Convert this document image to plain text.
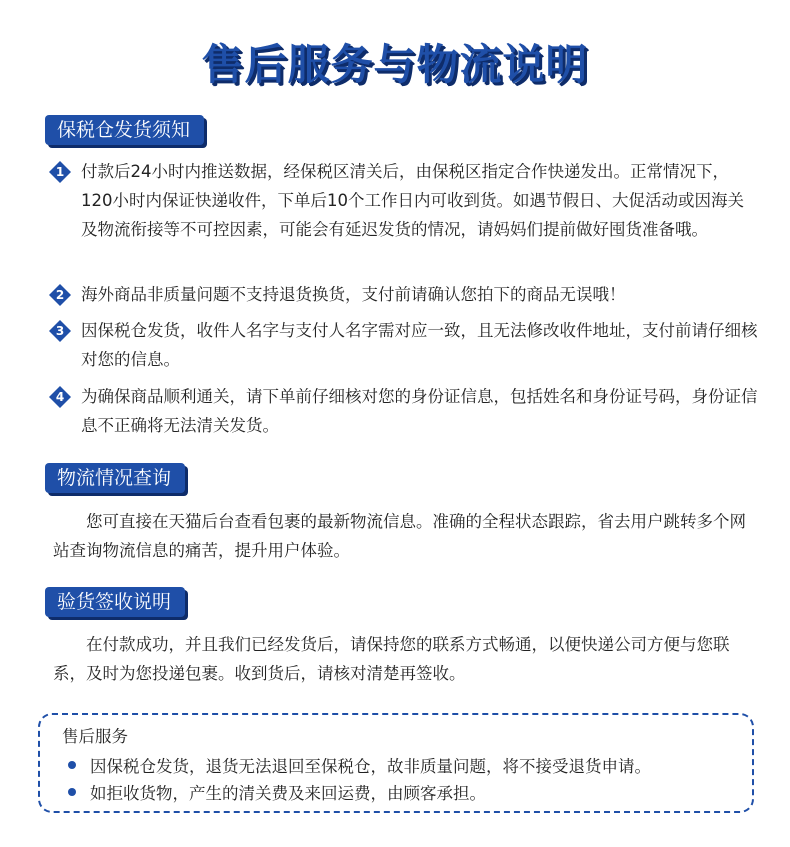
售后服务与物流说明
保税仓发货须知
1	付款后24小时内推送数据，经保税区清关后，由保税区指定合作快递发出。正常情况下，120小时内保证快递收件，下单后10个工作日内可收到货。如遇节假日、大促活动或因海关及物流衔接等不可控因素，可能会有延迟发货的情况，请妈妈们提前做好囤货准备哦。
2	海外商品非质量问题不支持退货换货，支付前请确认您拍下的商品无误哦！
3	因保税仓发货，收件人名字与支付人名字需对应一致，且无法修改收件地址，支付前请仔细核对您的信息。
4	为确保商品顺利通关，请下单前仔细核对您的身份证信息，包括姓名和身份证号码，身份证信息不正确将无法清关发货。
物流情况查询
您可直接在天猫后台查看包裹的最新物流信息。准确的全程状态跟踪，省去用户跳转多个网站查询物流信息的痛苦，提升用户体验。
验货签收说明
在付款成功，并且我们已经发货后，请保持您的联系方式畅通，以便快递公司方便与您联系，及时为您投递包裹。收到货后，请核对清楚再签收。
售后服务
因保税仓发货，退货无法退回至保税仓，故非质量问题，将不接受退货申请。
如拒收货物，产生的清关费及来回运费，由顾客承担。
